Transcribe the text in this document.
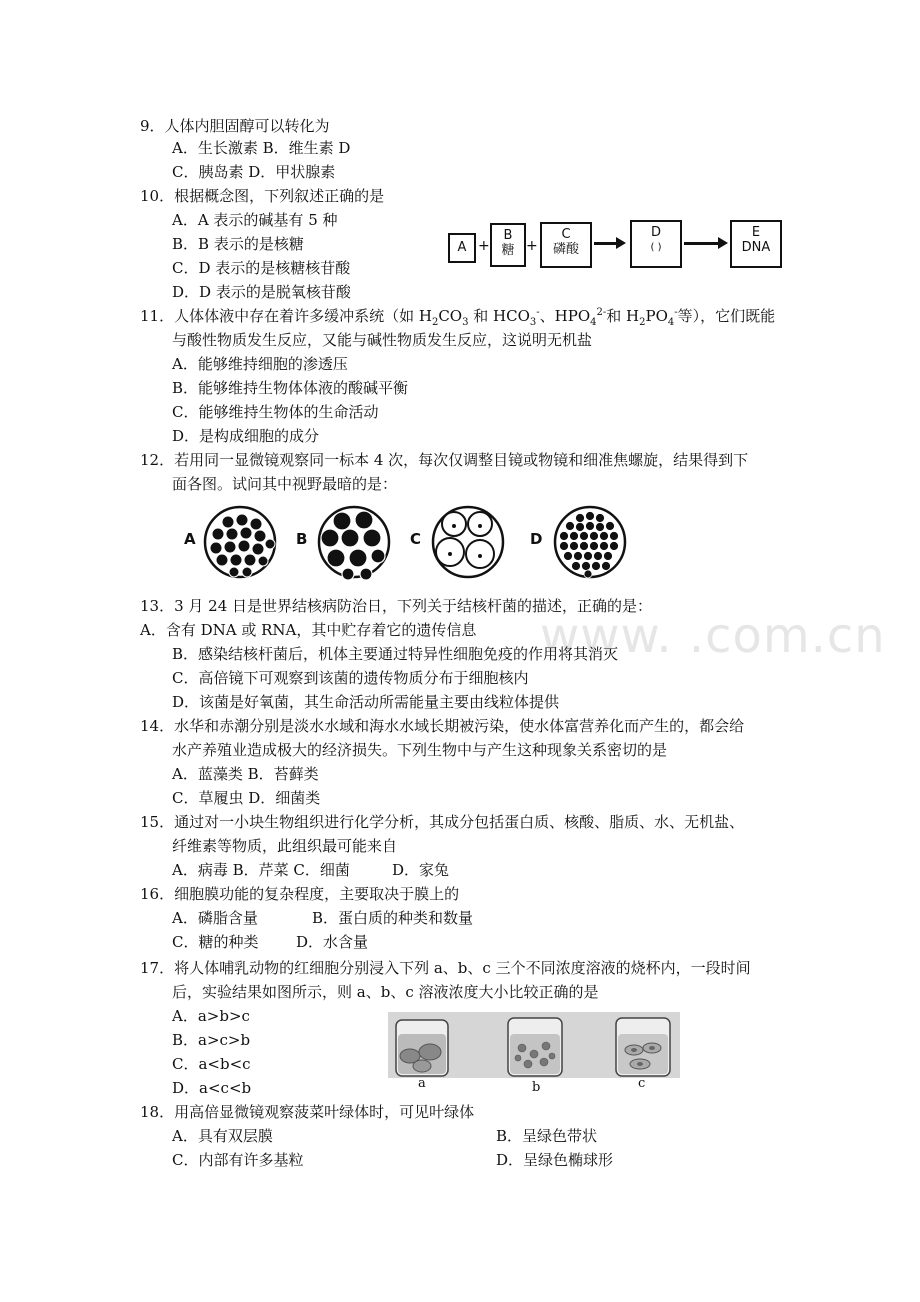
www. .com.cn
9．人体内胆固醇可以转化为
A．生长激素 B．维生素 D
C．胰岛素 D．甲状腺素
10．根据概念图，下列叙述正确的是
A．A 表示的碱基有 5 种
B．B 表示的是核糖
C．D 表示的是核糖核苷酸
D．D 表示的是脱氧核苷酸
A +
B
糖 +
C
磷酸
D
( )
E
DNA
11．人体体液中存在着许多缓冲系统（如 $H_2CO_3$ 和 $HCO_3^-$、$HPO_4^{2-}$和 $H_2PO_4^-$等），它们既能
与酸性物质发生反应，又能与碱性物质发生反应，这说明无机盐
A．能够维持细胞的渗透压
B．能够维持生物体体液的酸碱平衡
C．能够维持生物体的生命活动
D．是构成细胞的成分
12．若用同一显微镜观察同一标本 4 次，每次仅调整目镜或物镜和细准焦螺旋，结果得到下
面各图。试问其中视野最暗的是：
A	B	C	D
13．3 月 24 日是世界结核病防治日，下列关于结核杆菌的描述，正确的是：
A．含有 DNA 或 RNA，其中贮存着它的遗传信息
B．感染结核杆菌后，机体主要通过特异性细胞免疫的作用将其消灭
C．高倍镜下可观察到该菌的遗传物质分布于细胞核内
D．该菌是好氧菌，其生命活动所需能量主要由线粒体提供
14．水华和赤潮分别是淡水水域和海水水域长期被污染，使水体富营养化而产生的，都会给
水产养殖业造成极大的经济损失。下列生物中与产生这种现象关系密切的是
A．蓝藻类 B．苔藓类
C．草履虫 D．细菌类
15．通过对一小块生物组织进行化学分析，其成分包括蛋白质、核酸、脂质、水、无机盐、
纤维素等物质，此组织最可能来自
A．病毒 B．芹菜 C．细菌	D．家兔
16．细胞膜功能的复杂程度，主要取决于膜上的
A．磷脂含量	B．蛋白质的种类和数量
C．糖的种类	D．水含量
17．将人体哺乳动物的红细胞分别浸入下列 a、b、c 三个不同浓度溶液的烧杯内，一段时间
后，实验结果如图所示，则 a、b、c 溶液浓度大小比较正确的是
A．a>b>c
B．a>c>b
C．a<b<c
D．a<c<b	a	b	c
18．用高倍显微镜观察菠菜叶绿体时，可见叶绿体
A．具有双层膜	B．呈绿色带状
C．内部有许多基粒	D．呈绿色椭球形
